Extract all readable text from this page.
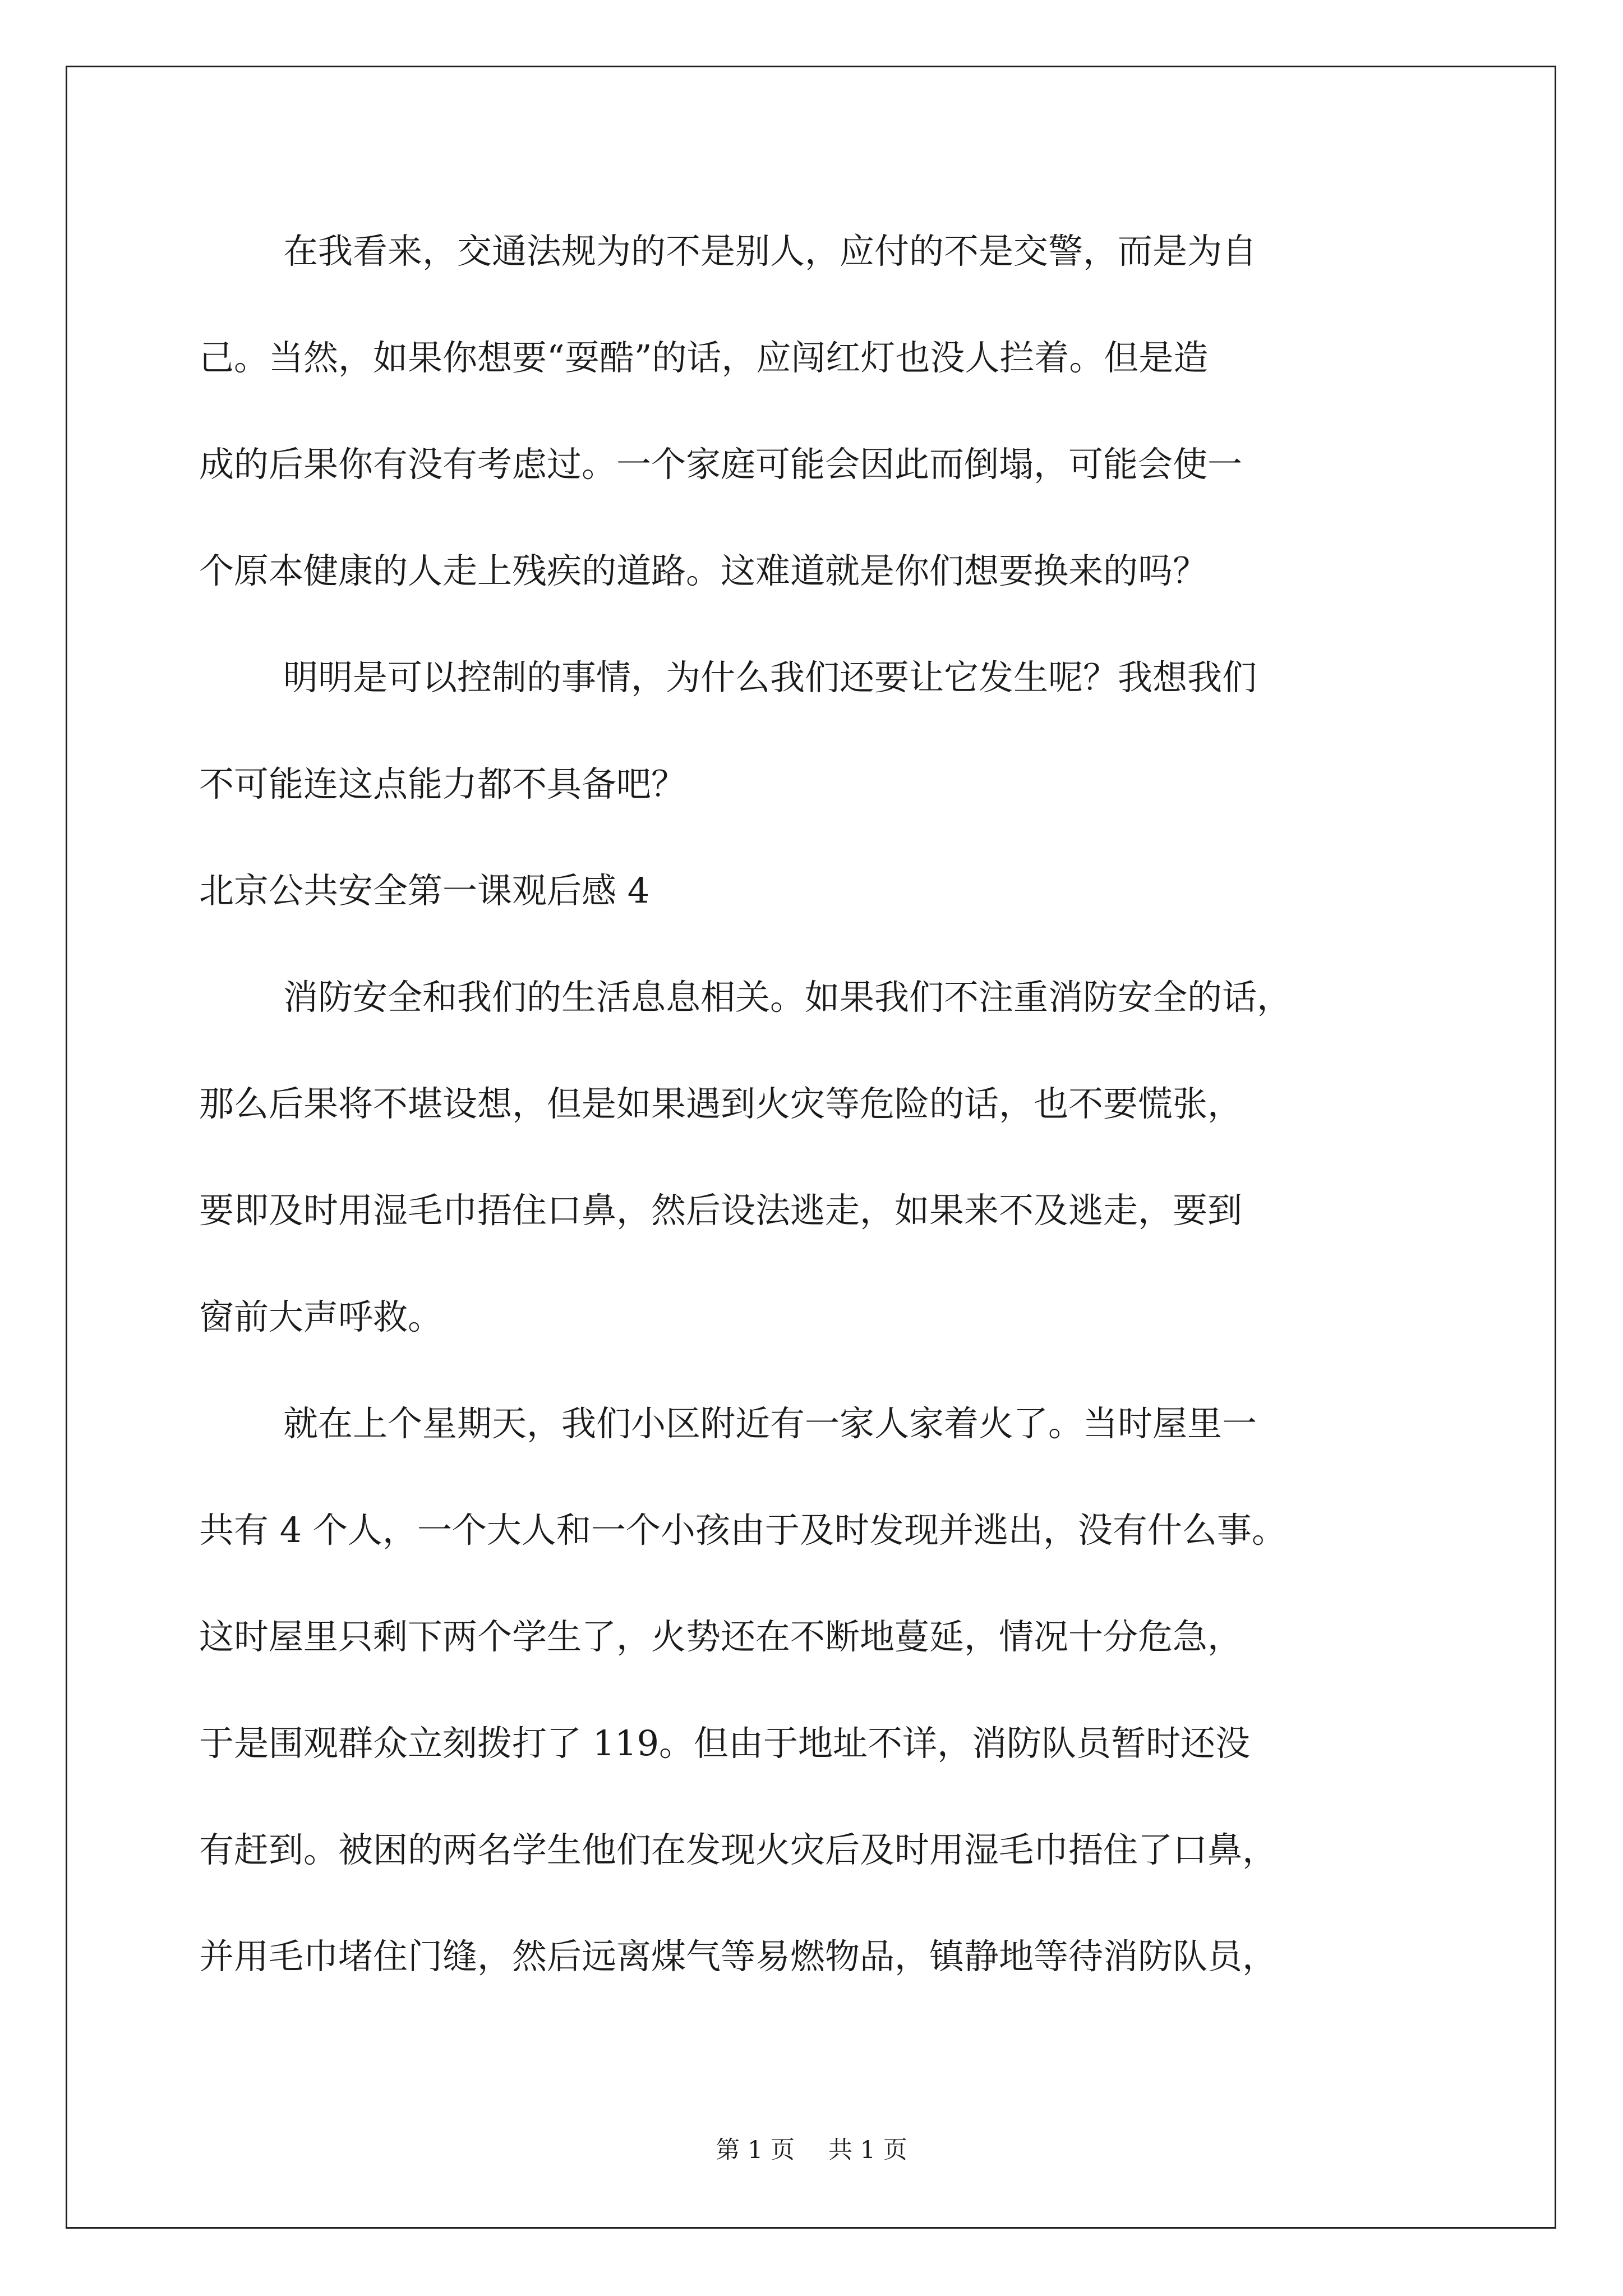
在我看来，交通法规为的不是别人，应付的不是交警，而是为自
己。当然，如果你想要“耍酷”的话，应闯红灯也没人拦着。但是造
成的后果你有没有考虑过。一个家庭可能会因此而倒塌，可能会使一
个原本健康的人走上残疾的道路。这难道就是你们想要换来的吗？
明明是可以控制的事情，为什么我们还要让它发生呢？我想我们
不可能连这点能力都不具备吧？
北京公共安全第一课观后感 4
消防安全和我们的生活息息相关。如果我们不注重消防安全的话，
那么后果将不堪设想，但是如果遇到火灾等危险的话，也不要慌张，
要即及时用湿毛巾捂住口鼻，然后设法逃走，如果来不及逃走，要到
窗前大声呼救。
就在上个星期天，我们小区附近有一家人家着火了。当时屋里一
共有 4 个人，一个大人和一个小孩由于及时发现并逃出，没有什么事。
这时屋里只剩下两个学生了，火势还在不断地蔓延，情况十分危急，
于是围观群众立刻拨打了 119。但由于地址不详，消防队员暂时还没
有赶到。被困的两名学生他们在发现火灾后及时用湿毛巾捂住了口鼻，
并用毛巾堵住门缝，然后远离煤气等易燃物品，镇静地等待消防队员，
第 1 页 共 1 页
